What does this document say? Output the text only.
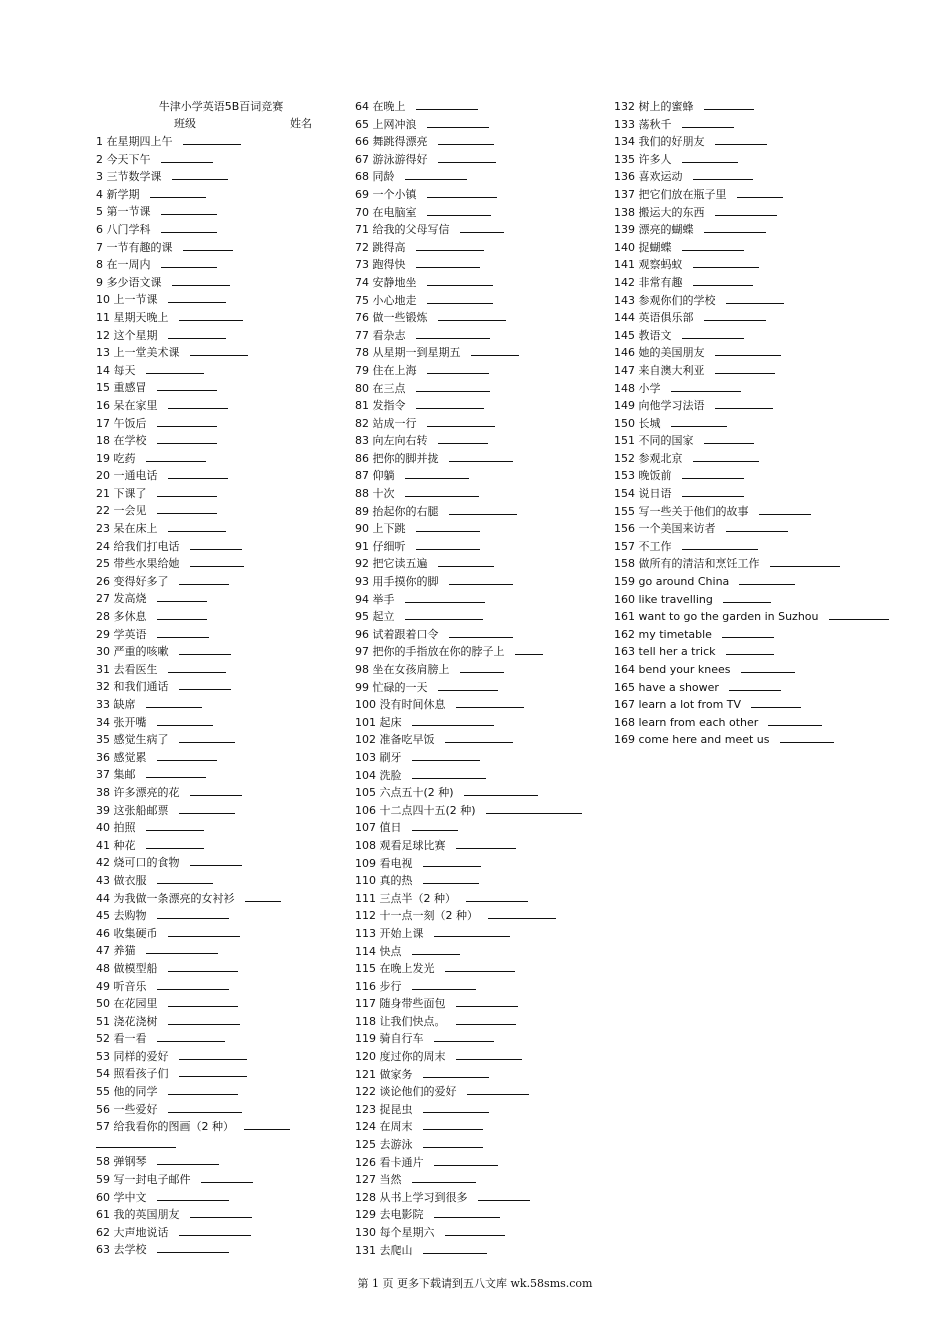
牛津小学英语5B百词竞赛
班级	姓名
1 在星期四上午
2 今天下午
3 三节数学课
4 新学期
5 第一节课
6 八门学科
7 一节有趣的课
8 在一周内
9 多少语文课
10 上一节课
11 星期天晚上
12 这个星期
13 上一堂美术课
14 每天
15 重感冒
16 呆在家里
17 午饭后
18 在学校
19 吃药
20 一通电话
21 下课了
22 一会见
23 呆在床上
24 给我们打电话
25 带些水果给她
26 变得好多了
27 发高烧
28 多休息
29 学英语
30 严重的咳嗽
31 去看医生
32 和我们通话
33 缺席
34 张开嘴
35 感觉生病了
36 感觉累
37 集邮
38 许多漂亮的花
39 这张船邮票
40 拍照
41 种花
42 烧可口的食物
43 做衣服
44 为我做一条漂亮的女衬衫
45 去购物
46 收集硬币
47 养猫
48 做模型船
49 听音乐
50 在花园里
51 浇花浇树
52 看一看
53 同样的爱好
54 照看孩子们
55 他的同学
56 一些爱好
57 给我看你的图画（2 种）
58 弹钢琴
59 写一封电子邮件
60 学中文
61 我的英国朋友
62 大声地说话
63 去学校
64 在晚上
65 上网冲浪
66 舞跳得漂亮
67 游泳游得好
68 同龄
69 一个小镇
70 在电脑室
71 给我的父母写信
72 跳得高
73 跑得快
74 安静地坐
75 小心地走
76 做一些锻炼
77 看杂志
78 从星期一到星期五
79 住在上海
80 在三点
81 发指令
82 站成一行
83 向左向右转
86 把你的脚并拢
87 仰躺
88 十次
89 抬起你的右腿
90 上下跳
91 仔细听
92 把它读五遍
93 用手摸你的脚
94 举手
95 起立
96 试着跟着口令
97 把你的手指放在你的脖子上
98 坐在女孩肩膀上
99 忙碌的一天
100 没有时间休息
101 起床
102 准备吃早饭
103 刷牙
104 洗脸
105 六点五十(2 种)
106 十二点四十五(2 种)
107 值日
108 观看足球比赛
109 看电视
110 真的热
111 三点半（2 种）
112 十一点一刻（2 种）
113 开始上课
114 快点
115 在晚上发光
116 步行
117 随身带些面包
118 让我们快点。
119 骑自行车
120 度过你的周末
121 做家务
122 谈论他们的爱好
123 捉昆虫
124 在周末
125 去游泳
126 看卡通片
127 当然
128 从书上学习到很多
129 去电影院
130 每个星期六
131 去爬山
132 树上的蜜蜂
133 荡秋千
134 我们的好朋友
135 许多人
136 喜欢运动
137 把它们放在瓶子里
138 搬运大的东西
139 漂亮的蝴蝶
140 捉蝴蝶
141 观察蚂蚁
142 非常有趣
143 参观你们的学校
144 英语俱乐部
145 教语文
146 她的美国朋友
147 来自澳大利亚
148 小学
149 向他学习法语
150 长城
151 不同的国家
152 参观北京
153 晚饭前
154 说日语
155 写一些关于他们的故事
156 一个美国来访者
157 不工作
158 做所有的清洁和烹饪工作
159 go around China
160 like travelling
161 want to go the garden in Suzhou
162 my timetable
163 tell her a trick
164 bend your knees
165 have a shower
167 learn a lot from TV
168 learn from each other
169 come here and meet us
第 1 页 更多下载请到五八文库 wk.58sms.com
